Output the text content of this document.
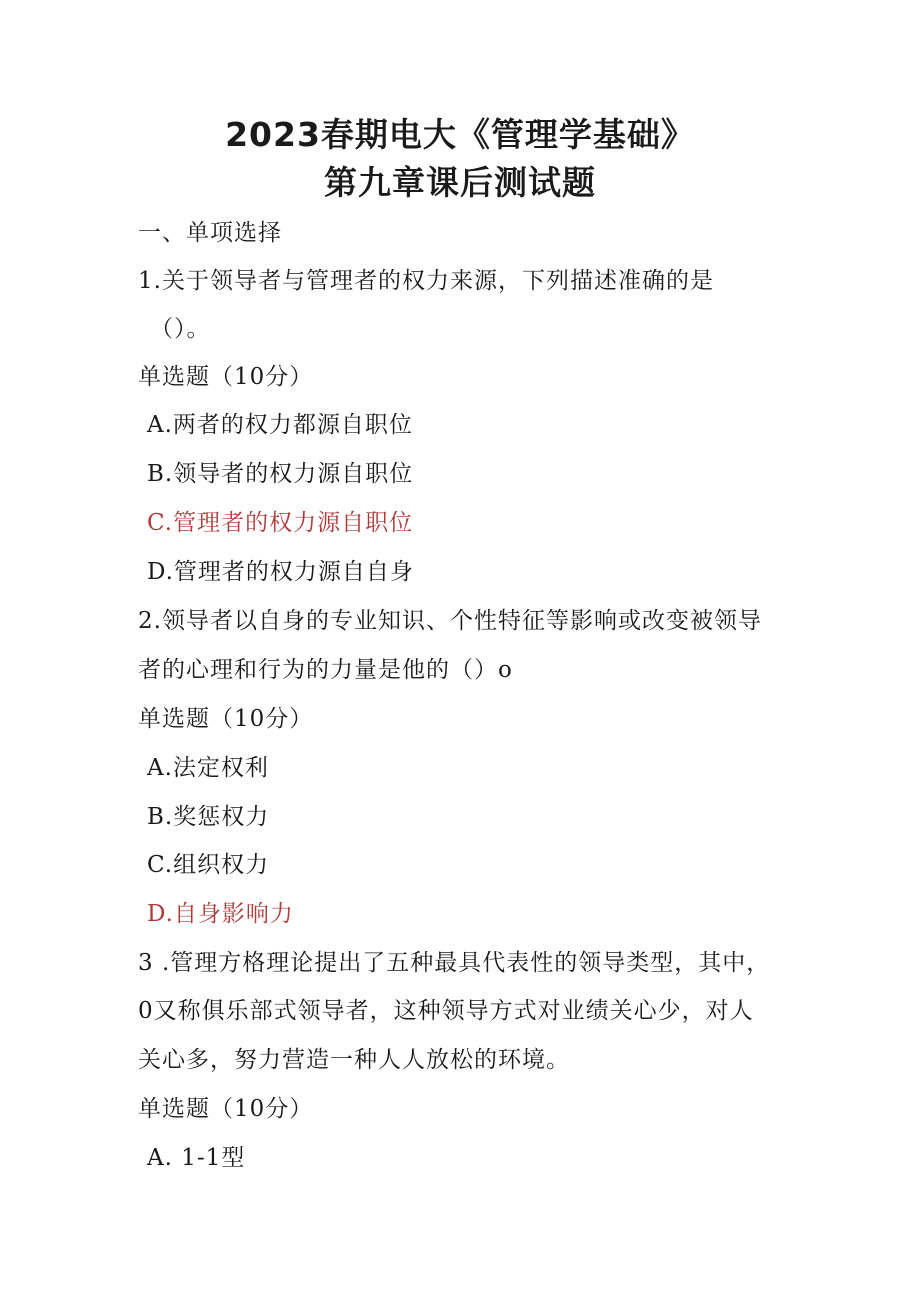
2023春期电大《管理学基础》
第九章课后测试题
一、单项选择
1.关于领导者与管理者的权力来源，下列描述准确的是
（）。
单选题（10分）
A.两者的权力都源自职位
B.领导者的权力源自职位
C.管理者的权力源自职位
D.管理者的权力源自自身
2.领导者以自身的专业知识、个性特征等影响或改变被领导
者的心理和行为的力量是他的（）o
单选题（10分）
A.法定权利
B.奖惩权力
C.组织权力
D.自身影响力
3 .管理方格理论提出了五种最具代表性的领导类型，其中，
0又称俱乐部式领导者，这种领导方式对业绩关心少，对人
关心多，努力营造一种人人放松的环境。
单选题（10分）
A. 1-1型
